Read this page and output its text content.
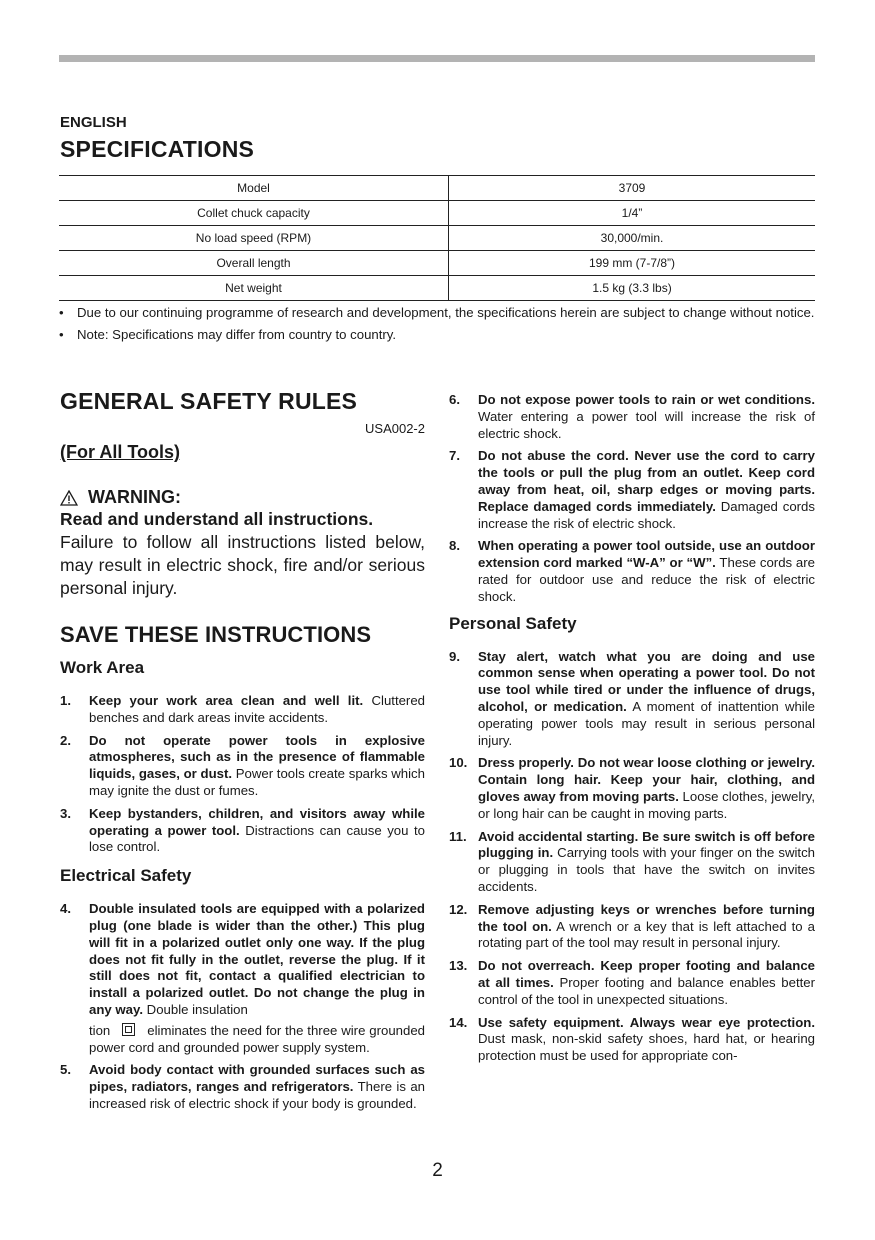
ENGLISH
SPECIFICATIONS
Model	3709
Collet chuck capacity	1/4”
No load speed (RPM)	30,000/min.
Overall length	199 mm (7-7/8”)
Net weight	1.5 kg (3.3 lbs)
• Due to our continuing programme of research and development, the specifications herein are subject to change without notice.
• Note: Specifications may differ from country to country.
GENERAL SAFETY RULES
USA002-2
(For All Tools)
WARNING:
Read and understand all instructions.
Failure to follow all instructions listed below, may result in electric shock, fire and/or serious personal injury.
SAVE THESE INSTRUCTIONS
Work Area
1. Keep your work area clean and well lit. Cluttered benches and dark areas invite accidents.
2. Do not operate power tools in explosive atmospheres, such as in the presence of flammable liquids, gases, or dust. Power tools create sparks which may ignite the dust or fumes.
3. Keep bystanders, children, and visitors away while operating a power tool. Distractions can cause you to lose control.
Electrical Safety
4. Double insulated tools are equipped with a polarized plug (one blade is wider than the other.) This plug will fit in a polarized outlet only one way. If the plug does not fit fully in the outlet, reverse the plug. If it still does not fit, contact a qualified electrician to install a polarized outlet. Do not change the plug in any way. Double insulation
tion	eliminates the need for the three wire grounded power cord and grounded power supply system.
5. Avoid body contact with grounded surfaces such as pipes, radiators, ranges and refrigerators. There is an increased risk of electric shock if your body is grounded.
6. Do not expose power tools to rain or wet conditions. Water entering a power tool will increase the risk of electric shock.
7. Do not abuse the cord. Never use the cord to carry the tools or pull the plug from an outlet. Keep cord away from heat, oil, sharp edges or moving parts. Replace damaged cords immediately. Damaged cords increase the risk of electric shock.
8. When operating a power tool outside, use an outdoor extension cord marked “W-A” or “W”. These cords are rated for outdoor use and reduce the risk of electric shock.
Personal Safety
9. Stay alert, watch what you are doing and use common sense when operating a power tool. Do not use tool while tired or under the influence of drugs, alcohol, or medication. A moment of inattention while operating power tools may result in serious personal injury.
10. Dress properly. Do not wear loose clothing or jewelry. Contain long hair. Keep your hair, clothing, and gloves away from moving parts. Loose clothes, jewelry, or long hair can be caught in moving parts.
11. Avoid accidental starting. Be sure switch is off before plugging in. Carrying tools with your finger on the switch or plugging in tools that have the switch on invites accidents.
12. Remove adjusting keys or wrenches before turning the tool on. A wrench or a key that is left attached to a rotating part of the tool may result in personal injury.
13. Do not overreach. Keep proper footing and balance at all times. Proper footing and balance enables better control of the tool in unexpected situations.
14. Use safety equipment. Always wear eye protection. Dust mask, non-skid safety shoes, hard hat, or hearing protection must be used for appropriate con-
2
